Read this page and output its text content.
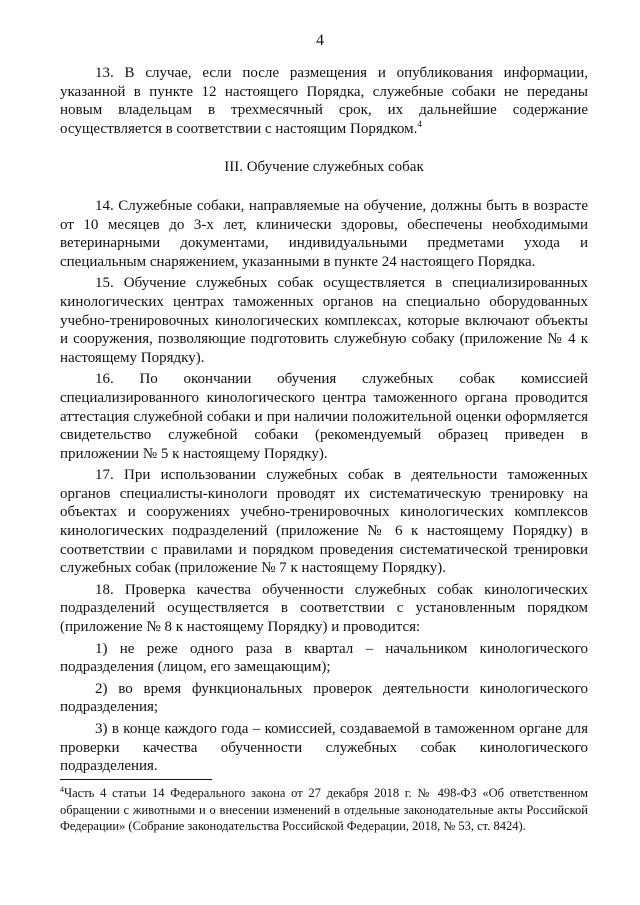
4

13. В случае, если после размещения и опубликования информации, указанной в пункте 12 настоящего Порядка, служебные собаки не переданы новым владельцам в трехмесячный срок, их дальнейшие содержание осуществляется в соответствии с настоящим Порядком.$^4$

III. Обучение служебных собак

14. Служебные собаки, направляемые на обучение, должны быть в возрасте от 10 месяцев до 3-х лет, клинически здоровы, обеспечены необходимыми ветеринарными документами, индивидуальными предметами ухода и специальным снаряжением, указанными в пункте 24 настоящего Порядка.

15. Обучение служебных собак осуществляется в специализированных кинологических центрах таможенных органов на специально оборудованных учебно-тренировочных кинологических комплексах, которые включают объекты и сооружения, позволяющие подготовить служебную собаку (приложение № 4 к настоящему Порядку).

16. По окончании обучения служебных собак комиссией специализированного кинологического центра таможенного органа проводится аттестация служебной собаки и при наличии положительной оценки оформляется свидетельство служебной собаки (рекомендуемый образец приведен в приложении № 5 к настоящему Порядку).

17. При использовании служебных собак в деятельности таможенных органов специалисты-кинологи проводят их систематическую тренировку на объектах и сооружениях учебно-тренировочных кинологических комплексов кинологических подразделений (приложение № 6 к настоящему Порядку) в соответствии с правилами и порядком проведения систематической тренировки служебных собак (приложение № 7 к настоящему Порядку).

18. Проверка качества обученности служебных собак кинологических подразделений осуществляется в соответствии с установленным порядком (приложение № 8 к настоящему Порядку) и проводится:

1) не реже одного раза в квартал – начальником кинологического подразделения (лицом, его замещающим);

2) во время функциональных проверок деятельности кинологического подразделения;

3) в конце каждого года – комиссией, создаваемой в таможенном органе для проверки качества обученности служебных собак кинологического подразделения.

$^4$Часть 4 статьи 14 Федерального закона от 27 декабря 2018 г. № 498-ФЗ «Об ответственном обращении с животными и о внесении изменений в отдельные законодательные акты Российской Федерации» (Собрание законодательства Российской Федерации, 2018, № 53, ст. 8424).
